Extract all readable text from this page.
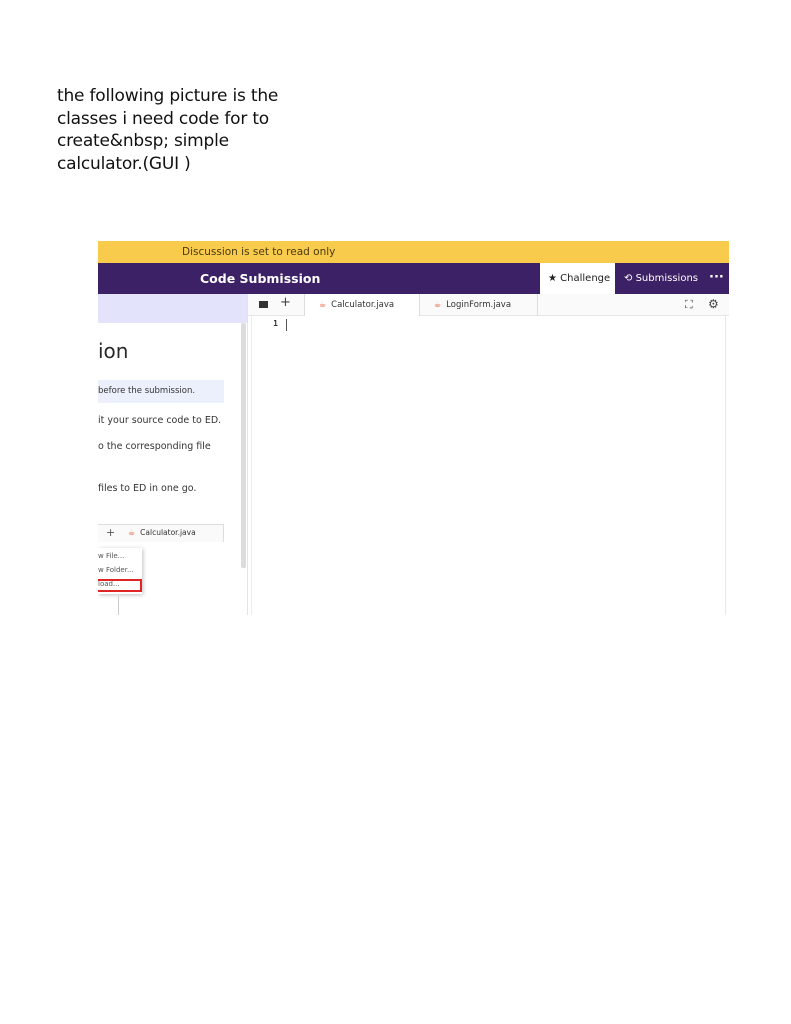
the following picture is the
classes i need code for to
create&nbsp; simple
calculator.(GUI )
Discussion is set to read only
Code Submission	★ Challenge	⟲ Submissions ···
ion
before the submission.
it your source code to ED.
o the corresponding file
files to ED in one go.
+ ☕ Calculator.java
w File...
w Folder...
load...
+	☕ Calculator.java	☕ LoginForm.java	⛶ ⚙
1
